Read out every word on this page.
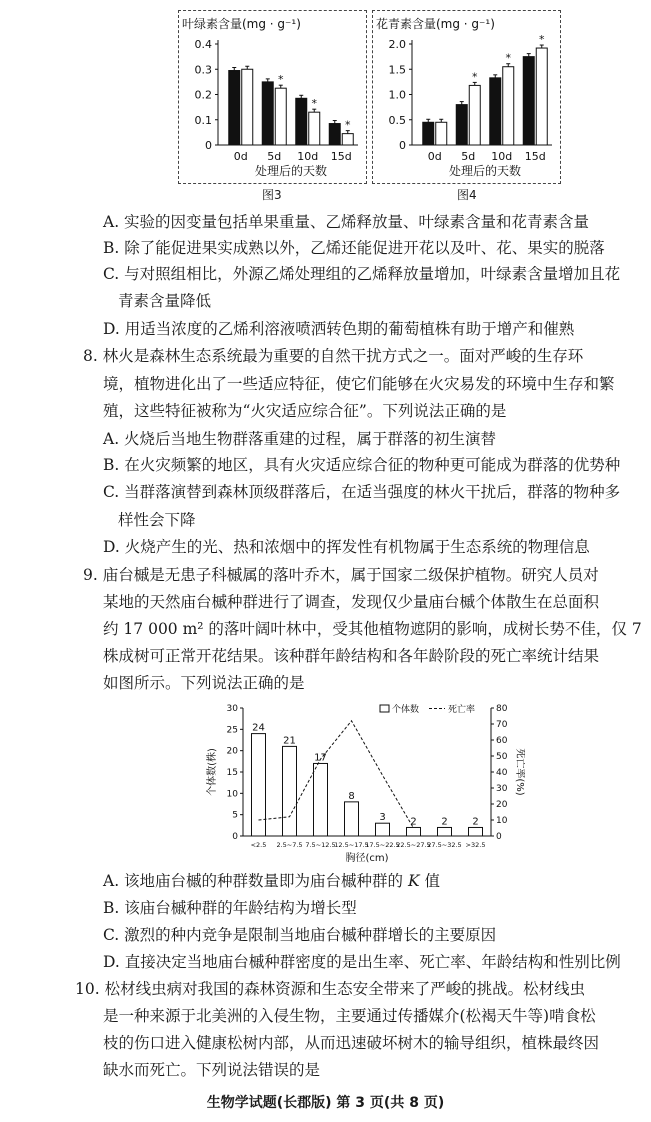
叶绿素含量(mg · g⁻¹)
0
0.1
0.2
0.3
0.4
0d
*
5d
*
10d
*
15d
处理后的天数
图3
花青素含量(mg · g⁻¹)
0
0.5
1.0
1.5
2.0
0d
*
5d
*
10d
*
15d
处理后的天数
图4
A. 实验的因变量包括单果重量、乙烯释放量、叶绿素含量和花青素含量
B. 除了能促进果实成熟以外，乙烯还能促进开花以及叶、花、果实的脱落
C. 与对照组相比，外源乙烯处理组的乙烯释放量增加，叶绿素含量增加且花
青素含量降低
D. 用适当浓度的乙烯利溶液喷洒转色期的葡萄植株有助于增产和催熟
8. 林火是森林生态系统最为重要的自然干扰方式之一。面对严峻的生存环
境，植物进化出了一些适应特征，使它们能够在火灾易发的环境中生存和繁
殖，这些特征被称为“火灾适应综合征”。下列说法正确的是
A. 火烧后当地生物群落重建的过程，属于群落的初生演替
B. 在火灾频繁的地区，具有火灾适应综合征的物种更可能成为群落的优势种
C. 当群落演替到森林顶级群落后，在适当强度的林火干扰后，群落的物种多
样性会下降
D. 火烧产生的光、热和浓烟中的挥发性有机物属于生态系统的物理信息
9. 庙台槭是无患子科槭属的落叶乔木，属于国家二级保护植物。研究人员对
某地的天然庙台槭种群进行了调查，发现仅少量庙台槭个体散生在总面积
约 17 000 m² 的落叶阔叶林中，受其他植物遮阴的影响，成树长势不佳，仅 7
株成树可正常开花结果。该种群年龄结构和各年龄阶段的死亡率统计结果
如图所示。下列说法正确的是
0
5
10
15
20
25
30
0
10
20
30
40
50
60
70
80
个体数(株)	死亡率(%)
24
<2.5
21
2.5~7.5
17
7.5~12.5
8
12.5~17.5
3
17.5~22.5
2
22.5~27.5
2
27.5~32.5
2
>32.5
胸径(cm)
个体数	死亡率
A. 该地庙台槭的种群数量即为庙台槭种群的 K 值
B. 该庙台槭种群的年龄结构为增长型
C. 激烈的种内竞争是限制当地庙台槭种群增长的主要原因
D. 直接决定当地庙台槭种群密度的是出生率、死亡率、年龄结构和性别比例
10. 松材线虫病对我国的森林资源和生态安全带来了严峻的挑战。松材线虫
是一种来源于北美洲的入侵生物，主要通过传播媒介(松褐天牛等)啃食松
枝的伤口进入健康松树内部，从而迅速破坏树木的输导组织，植株最终因
缺水而死亡。下列说法错误的是
生物学试题(长郡版) 第 3 页(共 8 页)
